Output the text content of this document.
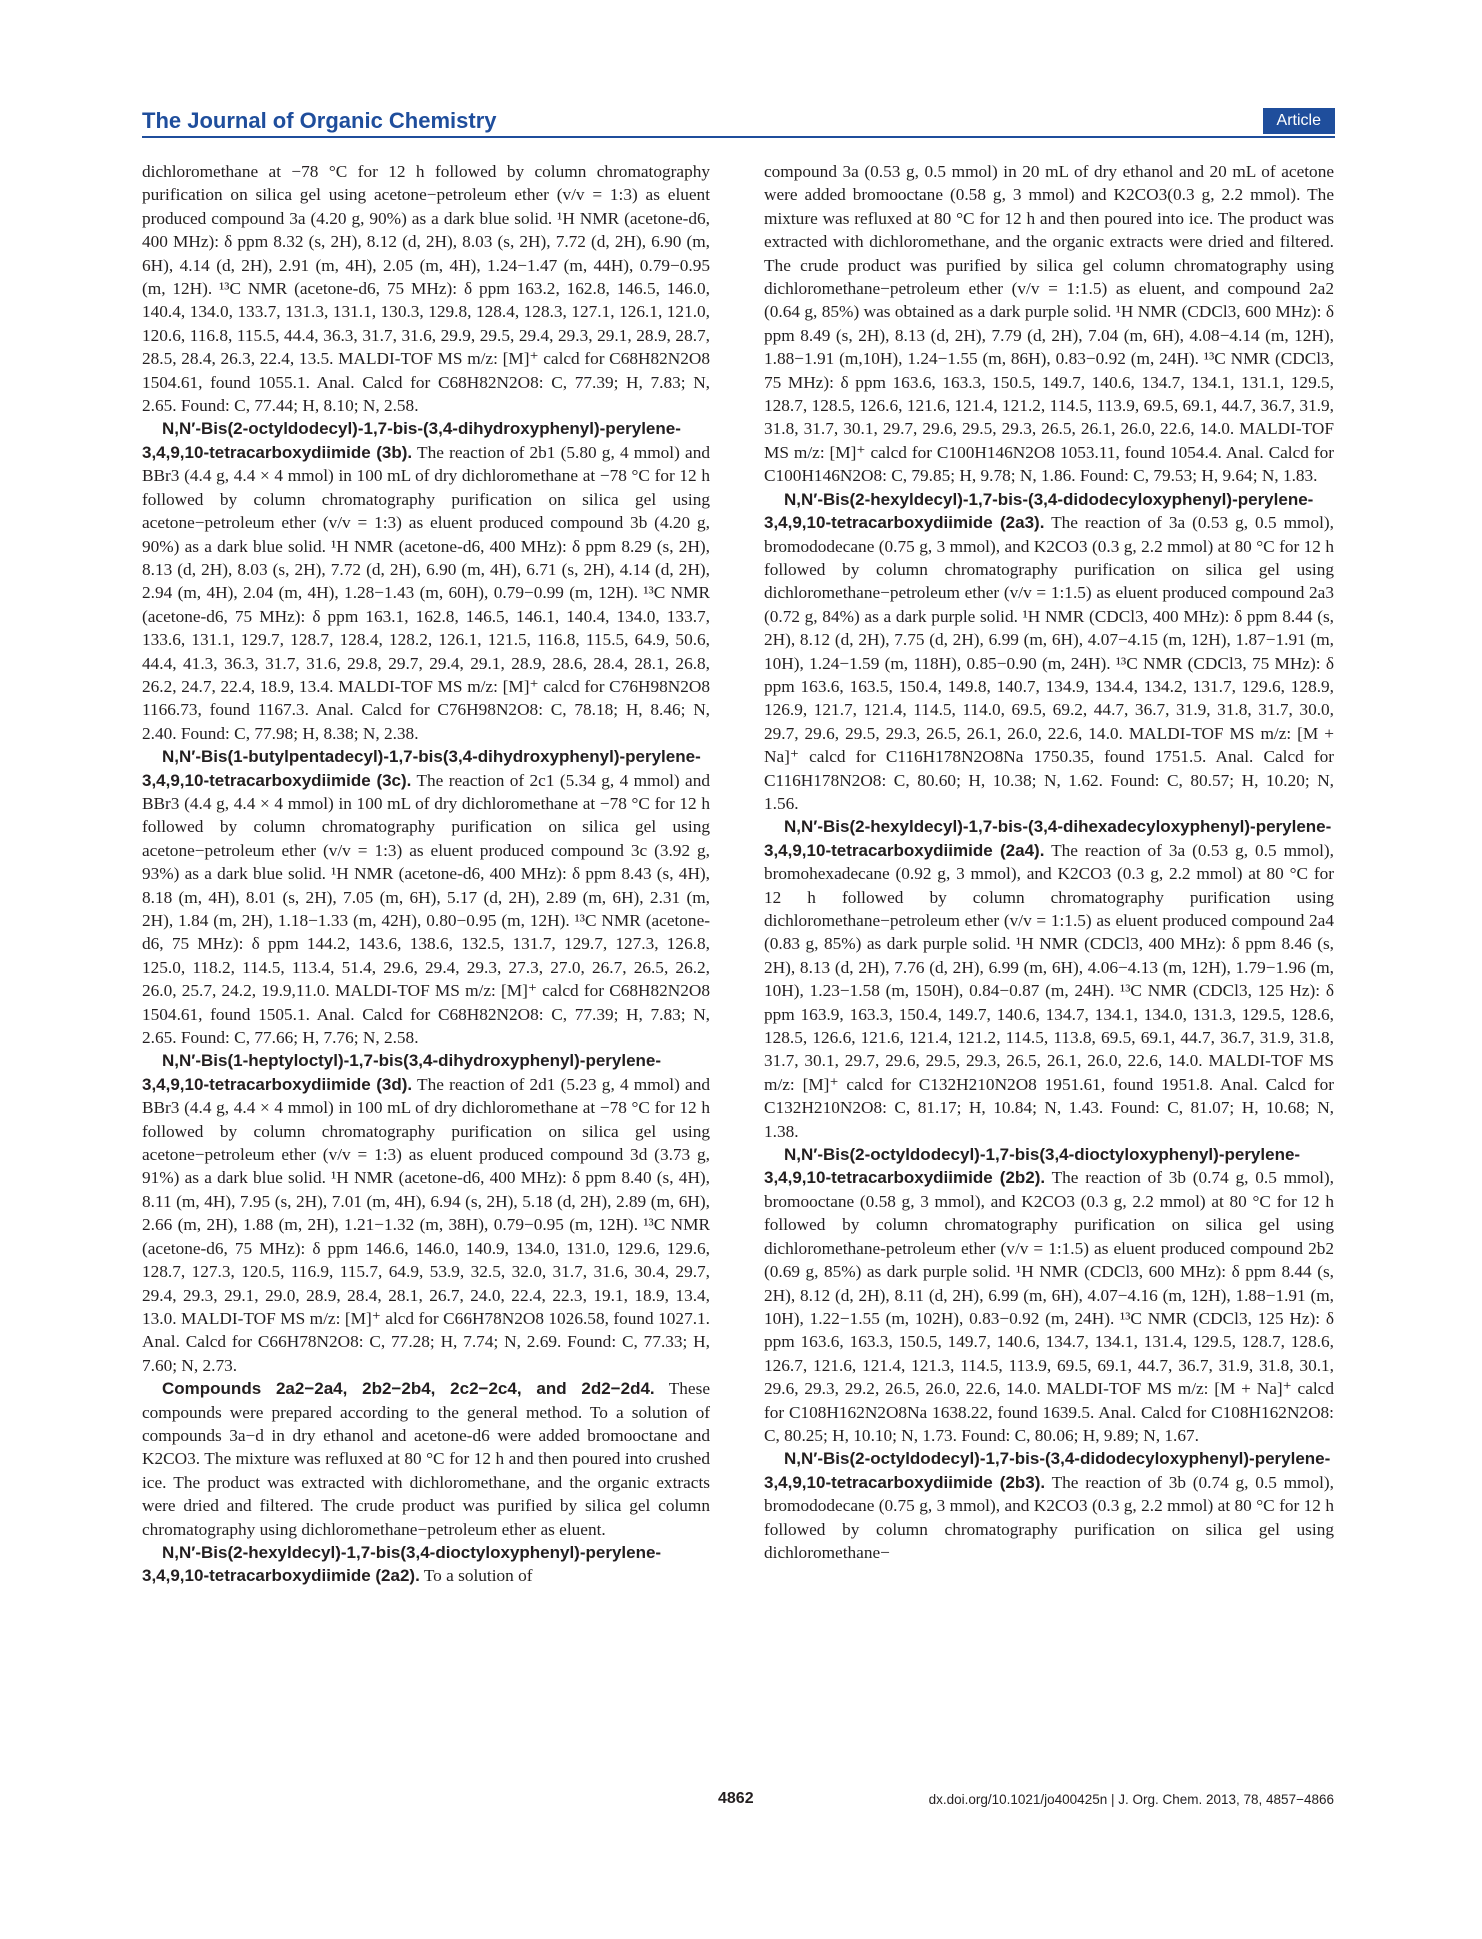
The Journal of Organic Chemistry	Article

dichloromethane at −78 °C for 12 h followed by column chromatography purification on silica gel using acetone−petroleum ether (v/v = 1:3) as eluent produced compound 3a (4.20 g, 90%) as a dark blue solid. ¹H NMR (acetone-d6, 400 MHz): δ ppm 8.32 (s, 2H), 8.12 (d, 2H), 8.03 (s, 2H), 7.72 (d, 2H), 6.90 (m, 6H), 4.14 (d, 2H), 2.91 (m, 4H), 2.05 (m, 4H), 1.24−1.47 (m, 44H), 0.79−0.95 (m, 12H). ¹³C NMR (acetone-d6, 75 MHz): δ ppm 163.2, 162.8, 146.5, 146.0, 140.4, 134.0, 133.7, 131.3, 131.1, 130.3, 129.8, 128.4, 128.3, 127.1, 126.1, 121.0, 120.6, 116.8, 115.5, 44.4, 36.3, 31.7, 31.6, 29.9, 29.5, 29.4, 29.3, 29.1, 28.9, 28.7, 28.5, 28.4, 26.3, 22.4, 13.5. MALDI-TOF MS m/z: [M]⁺ calcd for C68H82N2O8 1504.61, found 1055.1. Anal. Calcd for C68H82N2O8: C, 77.39; H, 7.83; N, 2.65. Found: C, 77.44; H, 8.10; N, 2.58.

N,N′-Bis(2-octyldodecyl)-1,7-bis-(3,4-dihydroxyphenyl)-perylene-3,4,9,10-tetracarboxydiimide (3b). The reaction of 2b1 (5.80 g, 4 mmol) and BBr3 (4.4 g, 4.4 × 4 mmol) in 100 mL of dry dichloromethane at −78 °C for 12 h followed by column chromatography purification on silica gel using acetone−petroleum ether (v/v = 1:3) as eluent produced compound 3b (4.20 g, 90%) as a dark blue solid. ¹H NMR (acetone-d6, 400 MHz): δ ppm 8.29 (s, 2H), 8.13 (d, 2H), 8.03 (s, 2H), 7.72 (d, 2H), 6.90 (m, 4H), 6.71 (s, 2H), 4.14 (d, 2H), 2.94 (m, 4H), 2.04 (m, 4H), 1.28−1.43 (m, 60H), 0.79−0.99 (m, 12H). ¹³C NMR (acetone-d6, 75 MHz): δ ppm 163.1, 162.8, 146.5, 146.1, 140.4, 134.0, 133.7, 133.6, 131.1, 129.7, 128.7, 128.4, 128.2, 126.1, 121.5, 116.8, 115.5, 64.9, 50.6, 44.4, 41.3, 36.3, 31.7, 31.6, 29.8, 29.7, 29.4, 29.1, 28.9, 28.6, 28.4, 28.1, 26.8, 26.2, 24.7, 22.4, 18.9, 13.4. MALDI-TOF MS m/z: [M]⁺ calcd for C76H98N2O8 1166.73, found 1167.3. Anal. Calcd for C76H98N2O8: C, 78.18; H, 8.46; N, 2.40. Found: C, 77.98; H, 8.38; N, 2.38.

N,N′-Bis(1-butylpentadecyl)-1,7-bis(3,4-dihydroxyphenyl)-perylene-3,4,9,10-tetracarboxydiimide (3c). The reaction of 2c1 (5.34 g, 4 mmol) and BBr3 (4.4 g, 4.4 × 4 mmol) in 100 mL of dry dichloromethane at −78 °C for 12 h followed by column chromatography purification on silica gel using acetone−petroleum ether (v/v = 1:3) as eluent produced compound 3c (3.92 g, 93%) as a dark blue solid. ¹H NMR (acetone-d6, 400 MHz): δ ppm 8.43 (s, 4H), 8.18 (m, 4H), 8.01 (s, 2H), 7.05 (m, 6H), 5.17 (d, 2H), 2.89 (m, 6H), 2.31 (m, 2H), 1.84 (m, 2H), 1.18−1.33 (m, 42H), 0.80−0.95 (m, 12H). ¹³C NMR (acetone-d6, 75 MHz): δ ppm 144.2, 143.6, 138.6, 132.5, 131.7, 129.7, 127.3, 126.8, 125.0, 118.2, 114.5, 113.4, 51.4, 29.6, 29.4, 29.3, 27.3, 27.0, 26.7, 26.5, 26.2, 26.0, 25.7, 24.2, 19.9,11.0. MALDI-TOF MS m/z: [M]⁺ calcd for C68H82N2O8 1504.61, found 1505.1. Anal. Calcd for C68H82N2O8: C, 77.39; H, 7.83; N, 2.65. Found: C, 77.66; H, 7.76; N, 2.58.

N,N′-Bis(1-heptyloctyl)-1,7-bis(3,4-dihydroxyphenyl)-perylene-3,4,9,10-tetracarboxydiimide (3d). The reaction of 2d1 (5.23 g, 4 mmol) and BBr3 (4.4 g, 4.4 × 4 mmol) in 100 mL of dry dichloromethane at −78 °C for 12 h followed by column chromatography purification on silica gel using acetone−petroleum ether (v/v = 1:3) as eluent produced compound 3d (3.73 g, 91%) as a dark blue solid. ¹H NMR (acetone-d6, 400 MHz): δ ppm 8.40 (s, 4H), 8.11 (m, 4H), 7.95 (s, 2H), 7.01 (m, 4H), 6.94 (s, 2H), 5.18 (d, 2H), 2.89 (m, 6H), 2.66 (m, 2H), 1.88 (m, 2H), 1.21−1.32 (m, 38H), 0.79−0.95 (m, 12H). ¹³C NMR (acetone-d6, 75 MHz): δ ppm 146.6, 146.0, 140.9, 134.0, 131.0, 129.6, 129.6, 128.7, 127.3, 120.5, 116.9, 115.7, 64.9, 53.9, 32.5, 32.0, 31.7, 31.6, 30.4, 29.7, 29.4, 29.3, 29.1, 29.0, 28.9, 28.4, 28.1, 26.7, 24.0, 22.4, 22.3, 19.1, 18.9, 13.4, 13.0. MALDI-TOF MS m/z: [M]⁺ alcd for C66H78N2O8 1026.58, found 1027.1. Anal. Calcd for C66H78N2O8: C, 77.28; H, 7.74; N, 2.69. Found: C, 77.33; H, 7.60; N, 2.73.

Compounds 2a2−2a4, 2b2−2b4, 2c2−2c4, and 2d2−2d4. These compounds were prepared according to the general method. To a solution of compounds 3a−d in dry ethanol and acetone-d6 were added bromooctane and K2CO3. The mixture was refluxed at 80 °C for 12 h and then poured into crushed ice. The product was extracted with dichloromethane, and the organic extracts were dried and filtered. The crude product was purified by silica gel column chromatography using dichloromethane−petroleum ether as eluent.

N,N′-Bis(2-hexyldecyl)-1,7-bis(3,4-dioctyloxyphenyl)-perylene-3,4,9,10-tetracarboxydiimide (2a2). To a solution of

compound 3a (0.53 g, 0.5 mmol) in 20 mL of dry ethanol and 20 mL of acetone were added bromooctane (0.58 g, 3 mmol) and K2CO3(0.3 g, 2.2 mmol). The mixture was refluxed at 80 °C for 12 h and then poured into ice. The product was extracted with dichloromethane, and the organic extracts were dried and filtered. The crude product was purified by silica gel column chromatography using dichloromethane−petroleum ether (v/v = 1:1.5) as eluent, and compound 2a2 (0.64 g, 85%) was obtained as a dark purple solid. ¹H NMR (CDCl3, 600 MHz): δ ppm 8.49 (s, 2H), 8.13 (d, 2H), 7.79 (d, 2H), 7.04 (m, 6H), 4.08−4.14 (m, 12H), 1.88−1.91 (m,10H), 1.24−1.55 (m, 86H), 0.83−0.92 (m, 24H). ¹³C NMR (CDCl3, 75 MHz): δ ppm 163.6, 163.3, 150.5, 149.7, 140.6, 134.7, 134.1, 131.1, 129.5, 128.7, 128.5, 126.6, 121.6, 121.4, 121.2, 114.5, 113.9, 69.5, 69.1, 44.7, 36.7, 31.9, 31.8, 31.7, 30.1, 29.7, 29.6, 29.5, 29.3, 26.5, 26.1, 26.0, 22.6, 14.0. MALDI-TOF MS m/z: [M]⁺ calcd for C100H146N2O8 1053.11, found 1054.4. Anal. Calcd for C100H146N2O8: C, 79.85; H, 9.78; N, 1.86. Found: C, 79.53; H, 9.64; N, 1.83.

N,N′-Bis(2-hexyldecyl)-1,7-bis-(3,4-didodecyloxyphenyl)-perylene-3,4,9,10-tetracarboxydiimide (2a3). The reaction of 3a (0.53 g, 0.5 mmol), bromododecane (0.75 g, 3 mmol), and K2CO3 (0.3 g, 2.2 mmol) at 80 °C for 12 h followed by column chromatography purification on silica gel using dichloromethane−petroleum ether (v/v = 1:1.5) as eluent produced compound 2a3 (0.72 g, 84%) as a dark purple solid. ¹H NMR (CDCl3, 400 MHz): δ ppm 8.44 (s, 2H), 8.12 (d, 2H), 7.75 (d, 2H), 6.99 (m, 6H), 4.07−4.15 (m, 12H), 1.87−1.91 (m, 10H), 1.24−1.59 (m, 118H), 0.85−0.90 (m, 24H). ¹³C NMR (CDCl3, 75 MHz): δ ppm 163.6, 163.5, 150.4, 149.8, 140.7, 134.9, 134.4, 134.2, 131.7, 129.6, 128.9, 126.9, 121.7, 121.4, 114.5, 114.0, 69.5, 69.2, 44.7, 36.7, 31.9, 31.8, 31.7, 30.0, 29.7, 29.6, 29.5, 29.3, 26.5, 26.1, 26.0, 22.6, 14.0. MALDI-TOF MS m/z: [M + Na]⁺ calcd for C116H178N2O8Na 1750.35, found 1751.5. Anal. Calcd for C116H178N2O8: C, 80.60; H, 10.38; N, 1.62. Found: C, 80.57; H, 10.20; N, 1.56.

N,N′-Bis(2-hexyldecyl)-1,7-bis-(3,4-dihexadecyloxyphenyl)-perylene-3,4,9,10-tetracarboxydiimide (2a4). The reaction of 3a (0.53 g, 0.5 mmol), bromohexadecane (0.92 g, 3 mmol), and K2CO3 (0.3 g, 2.2 mmol) at 80 °C for 12 h followed by column chromatography purification using dichloromethane−petroleum ether (v/v = 1:1.5) as eluent produced compound 2a4 (0.83 g, 85%) as dark purple solid. ¹H NMR (CDCl3, 400 MHz): δ ppm 8.46 (s, 2H), 8.13 (d, 2H), 7.76 (d, 2H), 6.99 (m, 6H), 4.06−4.13 (m, 12H), 1.79−1.96 (m, 10H), 1.23−1.58 (m, 150H), 0.84−0.87 (m, 24H). ¹³C NMR (CDCl3, 125 Hz): δ ppm 163.9, 163.3, 150.4, 149.7, 140.6, 134.7, 134.1, 134.0, 131.3, 129.5, 128.6, 128.5, 126.6, 121.6, 121.4, 121.2, 114.5, 113.8, 69.5, 69.1, 44.7, 36.7, 31.9, 31.8, 31.7, 30.1, 29.7, 29.6, 29.5, 29.3, 26.5, 26.1, 26.0, 22.6, 14.0. MALDI-TOF MS m/z: [M]⁺ calcd for C132H210N2O8 1951.61, found 1951.8. Anal. Calcd for C132H210N2O8: C, 81.17; H, 10.84; N, 1.43. Found: C, 81.07; H, 10.68; N, 1.38.

N,N′-Bis(2-octyldodecyl)-1,7-bis(3,4-dioctyloxyphenyl)-perylene-3,4,9,10-tetracarboxydiimide (2b2). The reaction of 3b (0.74 g, 0.5 mmol), bromooctane (0.58 g, 3 mmol), and K2CO3 (0.3 g, 2.2 mmol) at 80 °C for 12 h followed by column chromatography purification on silica gel using dichloromethane-petroleum ether (v/v = 1:1.5) as eluent produced compound 2b2 (0.69 g, 85%) as dark purple solid. ¹H NMR (CDCl3, 600 MHz): δ ppm 8.44 (s, 2H), 8.12 (d, 2H), 8.11 (d, 2H), 6.99 (m, 6H), 4.07−4.16 (m, 12H), 1.88−1.91 (m, 10H), 1.22−1.55 (m, 102H), 0.83−0.92 (m, 24H). ¹³C NMR (CDCl3, 125 Hz): δ ppm 163.6, 163.3, 150.5, 149.7, 140.6, 134.7, 134.1, 131.4, 129.5, 128.7, 128.6, 126.7, 121.6, 121.4, 121.3, 114.5, 113.9, 69.5, 69.1, 44.7, 36.7, 31.9, 31.8, 30.1, 29.6, 29.3, 29.2, 26.5, 26.0, 22.6, 14.0. MALDI-TOF MS m/z: [M + Na]⁺ calcd for C108H162N2O8Na 1638.22, found 1639.5. Anal. Calcd for C108H162N2O8: C, 80.25; H, 10.10; N, 1.73. Found: C, 80.06; H, 9.89; N, 1.67.

N,N′-Bis(2-octyldodecyl)-1,7-bis-(3,4-didodecyloxyphenyl)-perylene-3,4,9,10-tetracarboxydiimide (2b3). The reaction of 3b (0.74 g, 0.5 mmol), bromododecane (0.75 g, 3 mmol), and K2CO3 (0.3 g, 2.2 mmol) at 80 °C for 12 h followed by column chromatography purification on silica gel using dichloromethane−

4862	dx.doi.org/10.1021/jo400425n | J. Org. Chem. 2013, 78, 4857−4866
